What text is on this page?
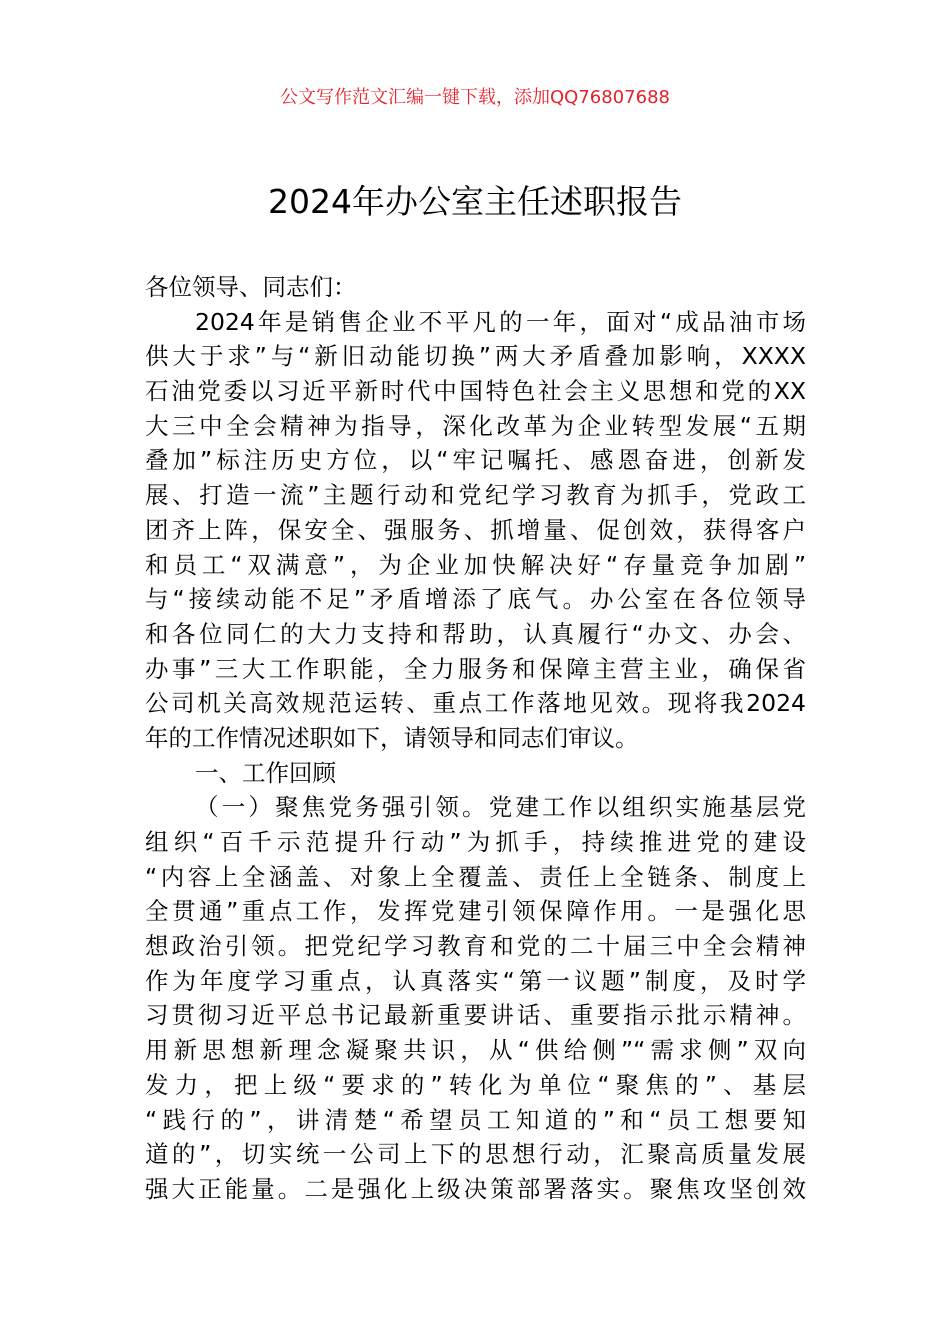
公文写作范文汇编一键下载，添加QQ76807688
2024年办公室主任述职报告
各位领导、同志们：
2024年是销售企业不平凡的一年，面对“成品油市场
供大于求”与“新旧动能切换”两大矛盾叠加影响，XXXX
石油党委以习近平新时代中国特色社会主义思想和党的XX
大三中全会精神为指导，深化改革为企业转型发展“五期
叠加”标注历史方位，以“牢记嘱托、感恩奋进，创新发
展、打造一流”主题行动和党纪学习教育为抓手，党政工
团齐上阵，保安全、强服务、抓增量、促创效，获得客户
和员工“双满意”，为企业加快解决好“存量竞争加剧”
与“接续动能不足”矛盾增添了底气。办公室在各位领导
和各位同仁的大力支持和帮助，认真履行“办文、办会、
办事”三大工作职能，全力服务和保障主营主业，确保省
公司机关高效规范运转、重点工作落地见效。现将我2024
年的工作情况述职如下，请领导和同志们审议。
一、工作回顾
（一）聚焦党务强引领。党建工作以组织实施基层党
组织“百千示范提升行动”为抓手，持续推进党的建设
“内容上全涵盖、对象上全覆盖、责任上全链条、制度上
全贯通”重点工作，发挥党建引领保障作用。一是强化思
想政治引领。把党纪学习教育和党的二十届三中全会精神
作为年度学习重点，认真落实“第一议题”制度，及时学
习贯彻习近平总书记最新重要讲话、重要指示批示精神。
用新思想新理念凝聚共识，从“供给侧”“需求侧”双向
发力，把上级“要求的”转化为单位“聚焦的”、基层
“践行的”，讲清楚“希望员工知道的”和“员工想要知
道的”，切实统一公司上下的思想行动，汇聚高质量发展
强大正能量。二是强化上级决策部署落实。聚焦攻坚创效
